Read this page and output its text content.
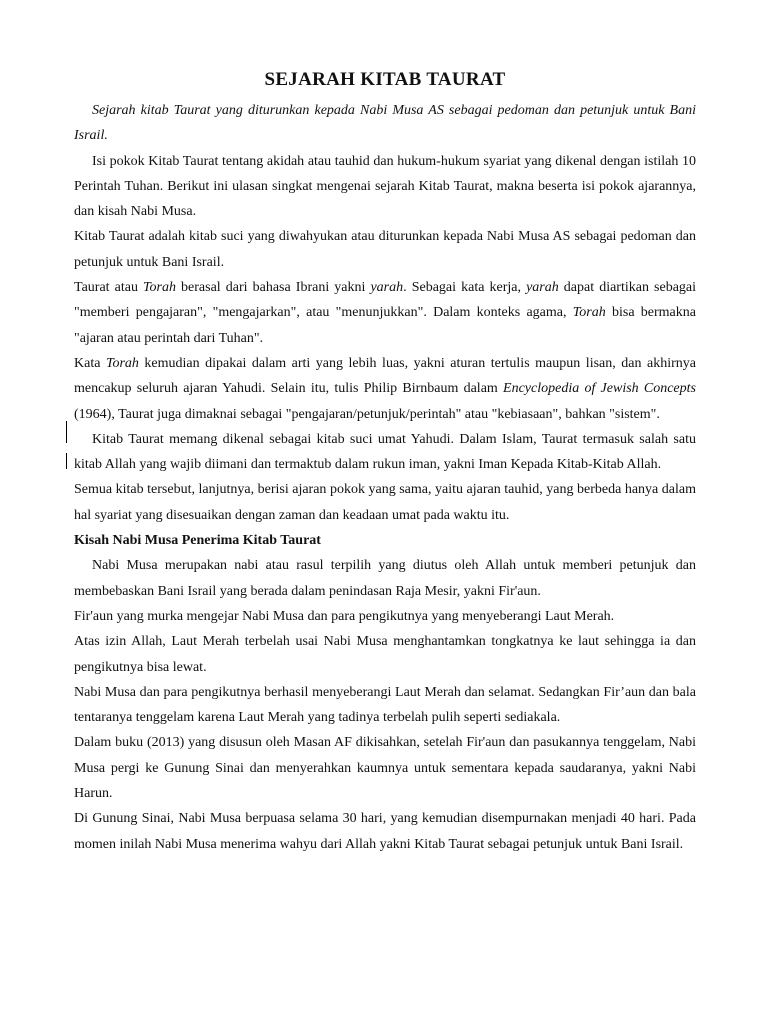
SEJARAH KITAB TAURAT

Sejarah kitab Taurat yang diturunkan kepada Nabi Musa AS sebagai pedoman dan petunjuk untuk Bani Israil.

Isi pokok Kitab Taurat tentang akidah atau tauhid dan hukum-hukum syariat yang dikenal dengan istilah 10 Perintah Tuhan. Berikut ini ulasan singkat mengenai sejarah Kitab Taurat, makna beserta isi pokok ajarannya, dan kisah Nabi Musa.

Kitab Taurat adalah kitab suci yang diwahyukan atau diturunkan kepada Nabi Musa AS sebagai pedoman dan petunjuk untuk Bani Israil.

Taurat atau Torah berasal dari bahasa Ibrani yakni yarah. Sebagai kata kerja, yarah dapat diartikan sebagai "memberi pengajaran", "mengajarkan", atau "menunjukkan". Dalam konteks agama, Torah bisa bermakna "ajaran atau perintah dari Tuhan".

Kata Torah kemudian dipakai dalam arti yang lebih luas, yakni aturan tertulis maupun lisan, dan akhirnya mencakup seluruh ajaran Yahudi. Selain itu, tulis Philip Birnbaum dalam Encyclopedia of Jewish Concepts (1964), Taurat juga dimaknai sebagai "pengajaran/petunjuk/perintah" atau "kebiasaan", bahkan "sistem".

Kitab Taurat memang dikenal sebagai kitab suci umat Yahudi. Dalam Islam, Taurat termasuk salah satu kitab Allah yang wajib diimani dan termaktub dalam rukun iman, yakni Iman Kepada Kitab-Kitab Allah.

Semua kitab tersebut, lanjutnya, berisi ajaran pokok yang sama, yaitu ajaran tauhid, yang berbeda hanya dalam hal syariat yang disesuaikan dengan zaman dan keadaan umat pada waktu itu.

Kisah Nabi Musa Penerima Kitab Taurat

Nabi Musa merupakan nabi atau rasul terpilih yang diutus oleh Allah untuk memberi petunjuk dan membebaskan Bani Israil yang berada dalam penindasan Raja Mesir, yakni Fir'aun.

Fir'aun yang murka mengejar Nabi Musa dan para pengikutnya yang menyeberangi Laut Merah.

Atas izin Allah, Laut Merah terbelah usai Nabi Musa menghantamkan tongkatnya ke laut sehingga ia dan pengikutnya bisa lewat.

Nabi Musa dan para pengikutnya berhasil menyeberangi Laut Merah dan selamat. Sedangkan Fir’aun dan bala tentaranya tenggelam karena Laut Merah yang tadinya terbelah pulih seperti sediakala.

Dalam buku (2013) yang disusun oleh Masan AF dikisahkan, setelah Fir'aun dan pasukannya tenggelam, Nabi Musa pergi ke Gunung Sinai dan menyerahkan kaumnya untuk sementara kepada saudaranya, yakni Nabi Harun.

Di Gunung Sinai, Nabi Musa berpuasa selama 30 hari, yang kemudian disempurnakan menjadi 40 hari. Pada momen inilah Nabi Musa menerima wahyu dari Allah yakni Kitab Taurat sebagai petunjuk untuk Bani Israil.
